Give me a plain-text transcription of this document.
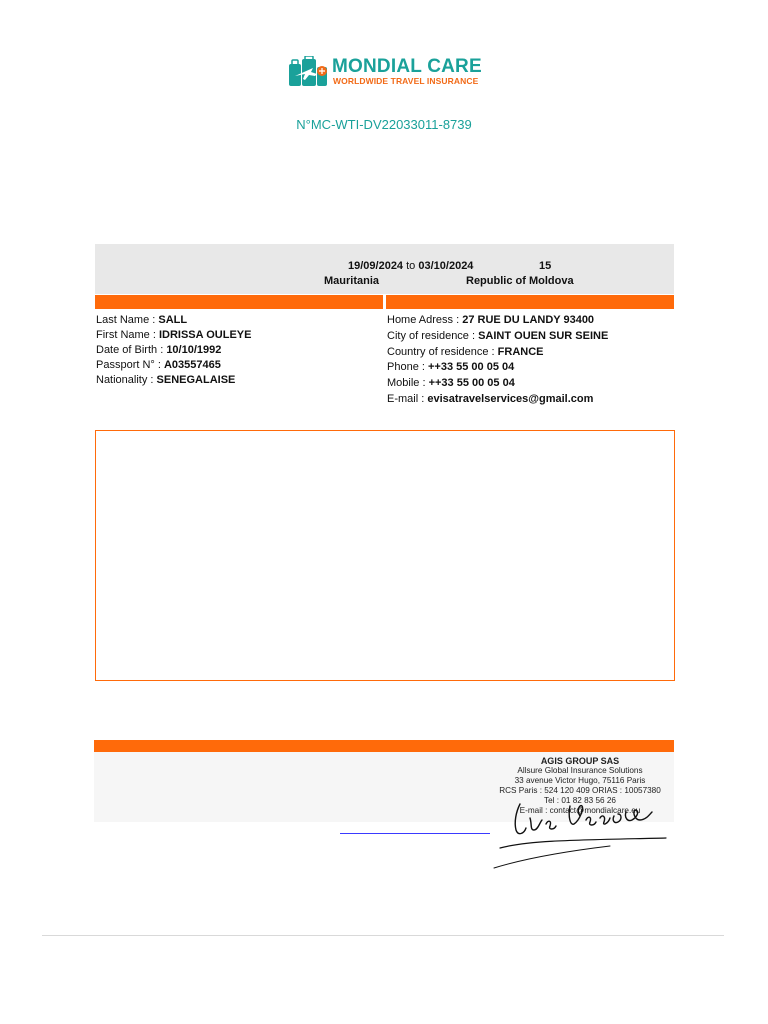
MONDIAL CARE
WORLDWIDE TRAVEL INSURANCE
N°MC-WTI-DV22033011-8739
19/09/2024 to 03/10/2024	15
Mauritania	Republic of Moldova
Last Name : SALL
First Name : IDRISSA OULEYE
Date of Birth : 10/10/1992
Passport N° : A03557465
Nationality : SENEGALAISE
Home Adress : 27 RUE DU LANDY 93400
City of residence : SAINT OUEN SUR SEINE
Country of residence : FRANCE
Phone : ++33 55 00 05 04
Mobile : ++33 55 00 05 04
E-mail : evisatravelservices@gmail.com
AGIS GROUP SAS
Allsure Global Insurance Solutions
33 avenue Victor Hugo, 75116 Paris
RCS Paris : 524 120 409 ORIAS : 10057380
Tel : 01 82 83 56 26
E-mail : contact@mondialcare.eu
